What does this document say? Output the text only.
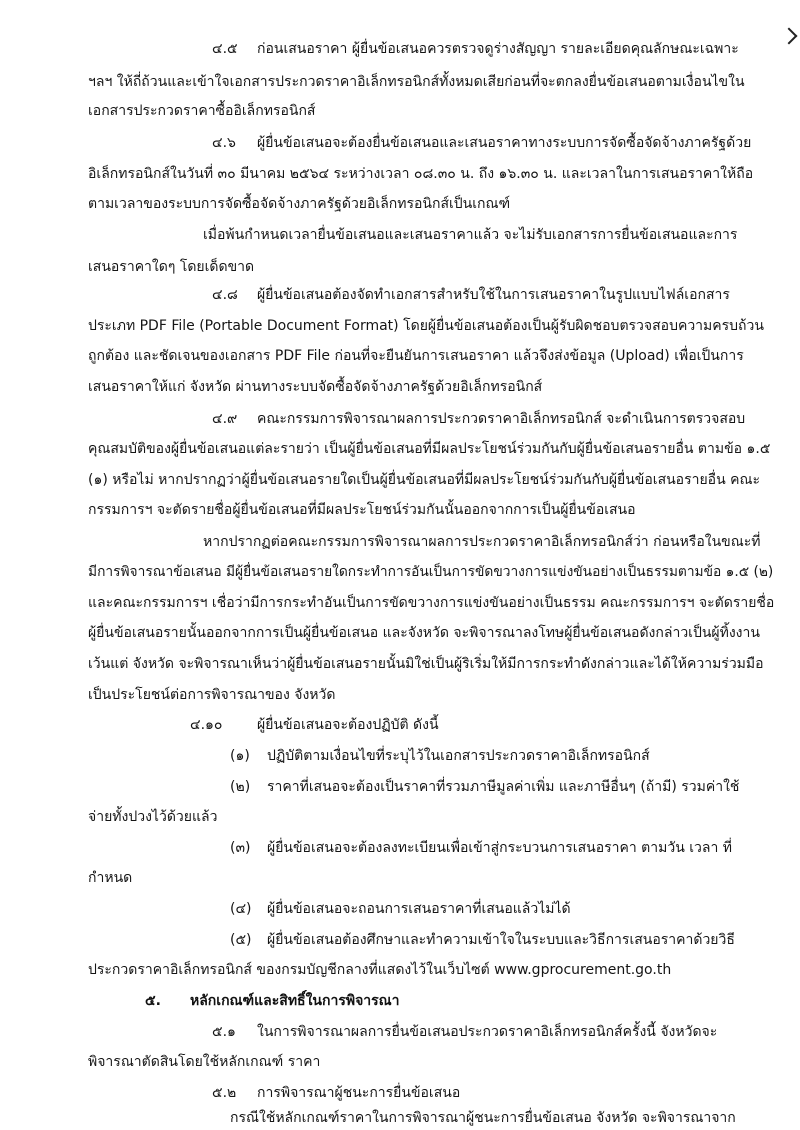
๔.๕ ก่อนเสนอราคา ผู้ยื่นข้อเสนอควรตรวจดูร่างสัญญา รายละเอียดคุณลักษณะเฉพาะ
ฯลฯ ให้ถี่ถ้วนและเข้าใจเอกสารประกวดราคาอิเล็กทรอนิกส์ทั้งหมดเสียก่อนที่จะตกลงยื่นข้อเสนอตามเงื่อนไขใน
เอกสารประกวดราคาซื้ออิเล็กทรอนิกส์
๔.๖ ผู้ยื่นข้อเสนอจะต้องยื่นข้อเสนอและเสนอราคาทางระบบการจัดซื้อจัดจ้างภาครัฐด้วย
อิเล็กทรอนิกส์ในวันที่ ๓๐ มีนาคม ๒๕๖๔ ระหว่างเวลา ๐๘.๓๐ น. ถึง ๑๖.๓๐ น. และเวลาในการเสนอราคาให้ถือ
ตามเวลาของระบบการจัดซื้อจัดจ้างภาครัฐด้วยอิเล็กทรอนิกส์เป็นเกณฑ์
เมื่อพ้นกำหนดเวลายื่นข้อเสนอและเสนอราคาแล้ว จะไม่รับเอกสารการยื่นข้อเสนอและการ
เสนอราคาใดๆ โดยเด็ดขาด
๔.๘ ผู้ยื่นข้อเสนอต้องจัดทำเอกสารสำหรับใช้ในการเสนอราคาในรูปแบบไฟล์เอกสาร
ประเภท PDF File (Portable Document Format) โดยผู้ยื่นข้อเสนอต้องเป็นผู้รับผิดชอบตรวจสอบความครบถ้วน
ถูกต้อง และชัดเจนของเอกสาร PDF File ก่อนที่จะยืนยันการเสนอราคา แล้วจึงส่งข้อมูล (Upload) เพื่อเป็นการ
เสนอราคาให้แก่ จังหวัด ผ่านทางระบบจัดซื้อจัดจ้างภาครัฐด้วยอิเล็กทรอนิกส์
๔.๙ คณะกรรมการพิจารณาผลการประกวดราคาอิเล็กทรอนิกส์ จะดำเนินการตรวจสอบ
คุณสมบัติของผู้ยื่นข้อเสนอแต่ละรายว่า เป็นผู้ยื่นข้อเสนอที่มีผลประโยชน์ร่วมกันกับผู้ยื่นข้อเสนอรายอื่น ตามข้อ ๑.๕
(๑) หรือไม่ หากปรากฏว่าผู้ยื่นข้อเสนอรายใดเป็นผู้ยื่นข้อเสนอที่มีผลประโยชน์ร่วมกันกับผู้ยื่นข้อเสนอรายอื่น คณะ
กรรมการฯ จะตัดรายชื่อผู้ยื่นข้อเสนอที่มีผลประโยชน์ร่วมกันนั้นออกจากการเป็นผู้ยื่นข้อเสนอ
หากปรากฏต่อคณะกรรมการพิจารณาผลการประกวดราคาอิเล็กทรอนิกส์ว่า ก่อนหรือในขณะที่
มีการพิจารณาข้อเสนอ มีผู้ยื่นข้อเสนอรายใดกระทำการอันเป็นการขัดขวางการแข่งขันอย่างเป็นธรรมตามข้อ ๑.๕ (๒)
และคณะกรรมการฯ เชื่อว่ามีการกระทำอันเป็นการขัดขวางการแข่งขันอย่างเป็นธรรม คณะกรรมการฯ จะตัดรายชื่อ
ผู้ยื่นข้อเสนอรายนั้นออกจากการเป็นผู้ยื่นข้อเสนอ และจังหวัด จะพิจารณาลงโทษผู้ยื่นข้อเสนอดังกล่าวเป็นผู้ทิ้งงาน
เว้นแต่ จังหวัด จะพิจารณาเห็นว่าผู้ยื่นข้อเสนอรายนั้นมิใช่เป็นผู้ริเริ่มให้มีการกระทำดังกล่าวและได้ให้ความร่วมมือ
เป็นประโยชน์ต่อการพิจารณาของ จังหวัด
๔.๑๐ ผู้ยื่นข้อเสนอจะต้องปฏิบัติ ดังนี้
(๑) ปฏิบัติตามเงื่อนไขที่ระบุไว้ในเอกสารประกวดราคาอิเล็กทรอนิกส์
(๒) ราคาที่เสนอจะต้องเป็นราคาที่รวมภาษีมูลค่าเพิ่ม และภาษีอื่นๆ (ถ้ามี) รวมค่าใช้
จ่ายทั้งปวงไว้ด้วยแล้ว
(๓) ผู้ยื่นข้อเสนอจะต้องลงทะเบียนเพื่อเข้าสู่กระบวนการเสนอราคา ตามวัน เวลา ที่
กำหนด
(๔) ผู้ยื่นข้อเสนอจะถอนการเสนอราคาที่เสนอแล้วไม่ได้
(๕) ผู้ยื่นข้อเสนอต้องศึกษาและทำความเข้าใจในระบบและวิธีการเสนอราคาด้วยวิธี
ประกวดราคาอิเล็กทรอนิกส์ ของกรมบัญชีกลางที่แสดงไว้ในเว็บไซต์ www.gprocurement.go.th
๕. หลักเกณฑ์และสิทธิ์ในการพิจารณา
๕.๑ ในการพิจารณาผลการยื่นข้อเสนอประกวดราคาอิเล็กทรอนิกส์ครั้งนี้ จังหวัดจะ
พิจารณาตัดสินโดยใช้หลักเกณฑ์ ราคา
๕.๒ การพิจารณาผู้ชนะการยื่นข้อเสนอ
กรณีใช้หลักเกณฑ์ราคาในการพิจารณาผู้ชนะการยื่นข้อเสนอ จังหวัด จะพิจารณาจาก
